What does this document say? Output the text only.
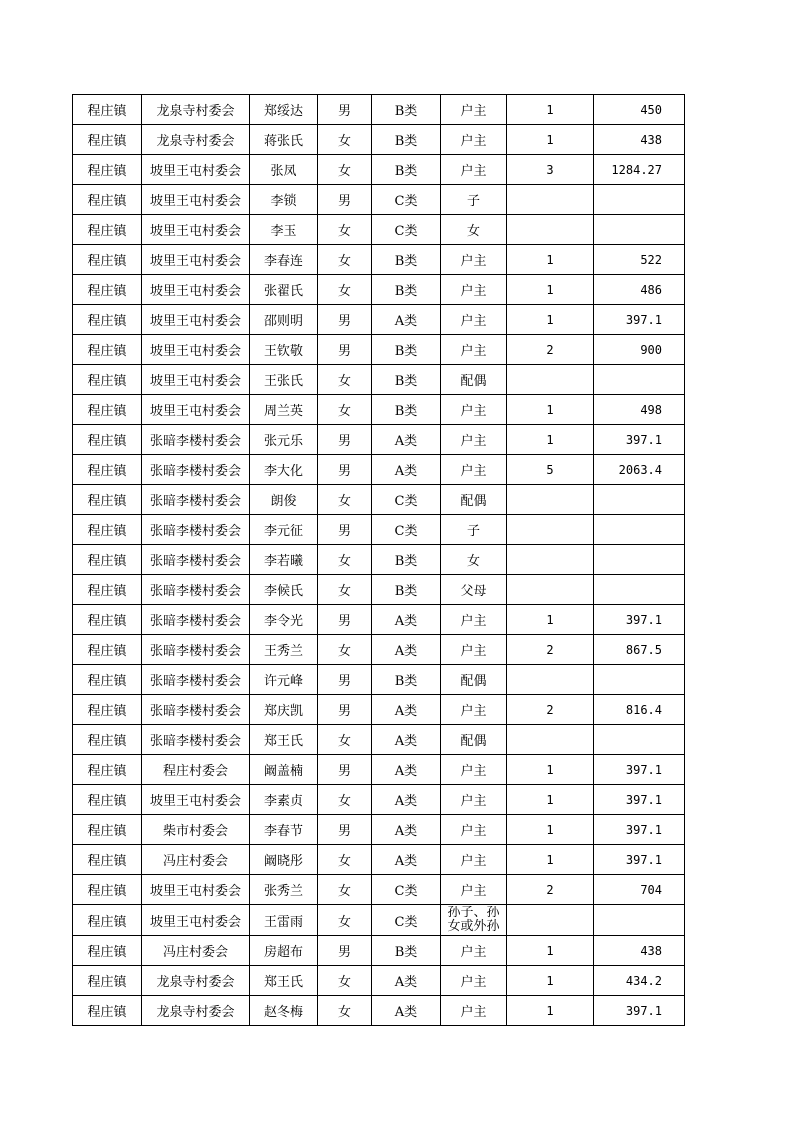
程庄镇	龙泉寺村委会	郑绥达	男	B类	户主	1	450
程庄镇	龙泉寺村委会	蒋张氏	女	B类	户主	1	438
程庄镇	坡里王屯村委会	张凤	女	B类	户主	3	1284.27
程庄镇	坡里王屯村委会	李锁	男	C类	子		
程庄镇	坡里王屯村委会	李玉	女	C类	女		
程庄镇	坡里王屯村委会	李春连	女	B类	户主	1	522
程庄镇	坡里王屯村委会	张翟氏	女	B类	户主	1	486
程庄镇	坡里王屯村委会	邵则明	男	A类	户主	1	397.1
程庄镇	坡里王屯村委会	王钦敬	男	B类	户主	2	900
程庄镇	坡里王屯村委会	王张氏	女	B类	配偶		
程庄镇	坡里王屯村委会	周兰英	女	B类	户主	1	498
程庄镇	张暗李楼村委会	张元乐	男	A类	户主	1	397.1
程庄镇	张暗李楼村委会	李大化	男	A类	户主	5	2063.4
程庄镇	张暗李楼村委会	朗俊	女	C类	配偶		
程庄镇	张暗李楼村委会	李元征	男	C类	子		
程庄镇	张暗李楼村委会	李若曦	女	B类	女		
程庄镇	张暗李楼村委会	李候氏	女	B类	父母		
程庄镇	张暗李楼村委会	李令光	男	A类	户主	1	397.1
程庄镇	张暗李楼村委会	王秀兰	女	A类	户主	2	867.5
程庄镇	张暗李楼村委会	许元峰	男	B类	配偶		
程庄镇	张暗李楼村委会	郑庆凯	男	A类	户主	2	816.4
程庄镇	张暗李楼村委会	郑王氏	女	A类	配偶		
程庄镇	程庄村委会	阚盖楠	男	A类	户主	1	397.1
程庄镇	坡里王屯村委会	李素贞	女	A类	户主	1	397.1
程庄镇	柴市村委会	李春节	男	A类	户主	1	397.1
程庄镇	冯庄村委会	阚晓彤	女	A类	户主	1	397.1
程庄镇	坡里王屯村委会	张秀兰	女	C类	户主	2	704
程庄镇	坡里王屯村委会	王雷雨	女	C类	孙子、孙女或外孙		

程庄镇	冯庄村委会	房超布	男	B类	户主	1	438
程庄镇	龙泉寺村委会	郑王氏	女	A类	户主	1	434.2
程庄镇	龙泉寺村委会	赵冬梅	女	A类	户主	1	397.1
